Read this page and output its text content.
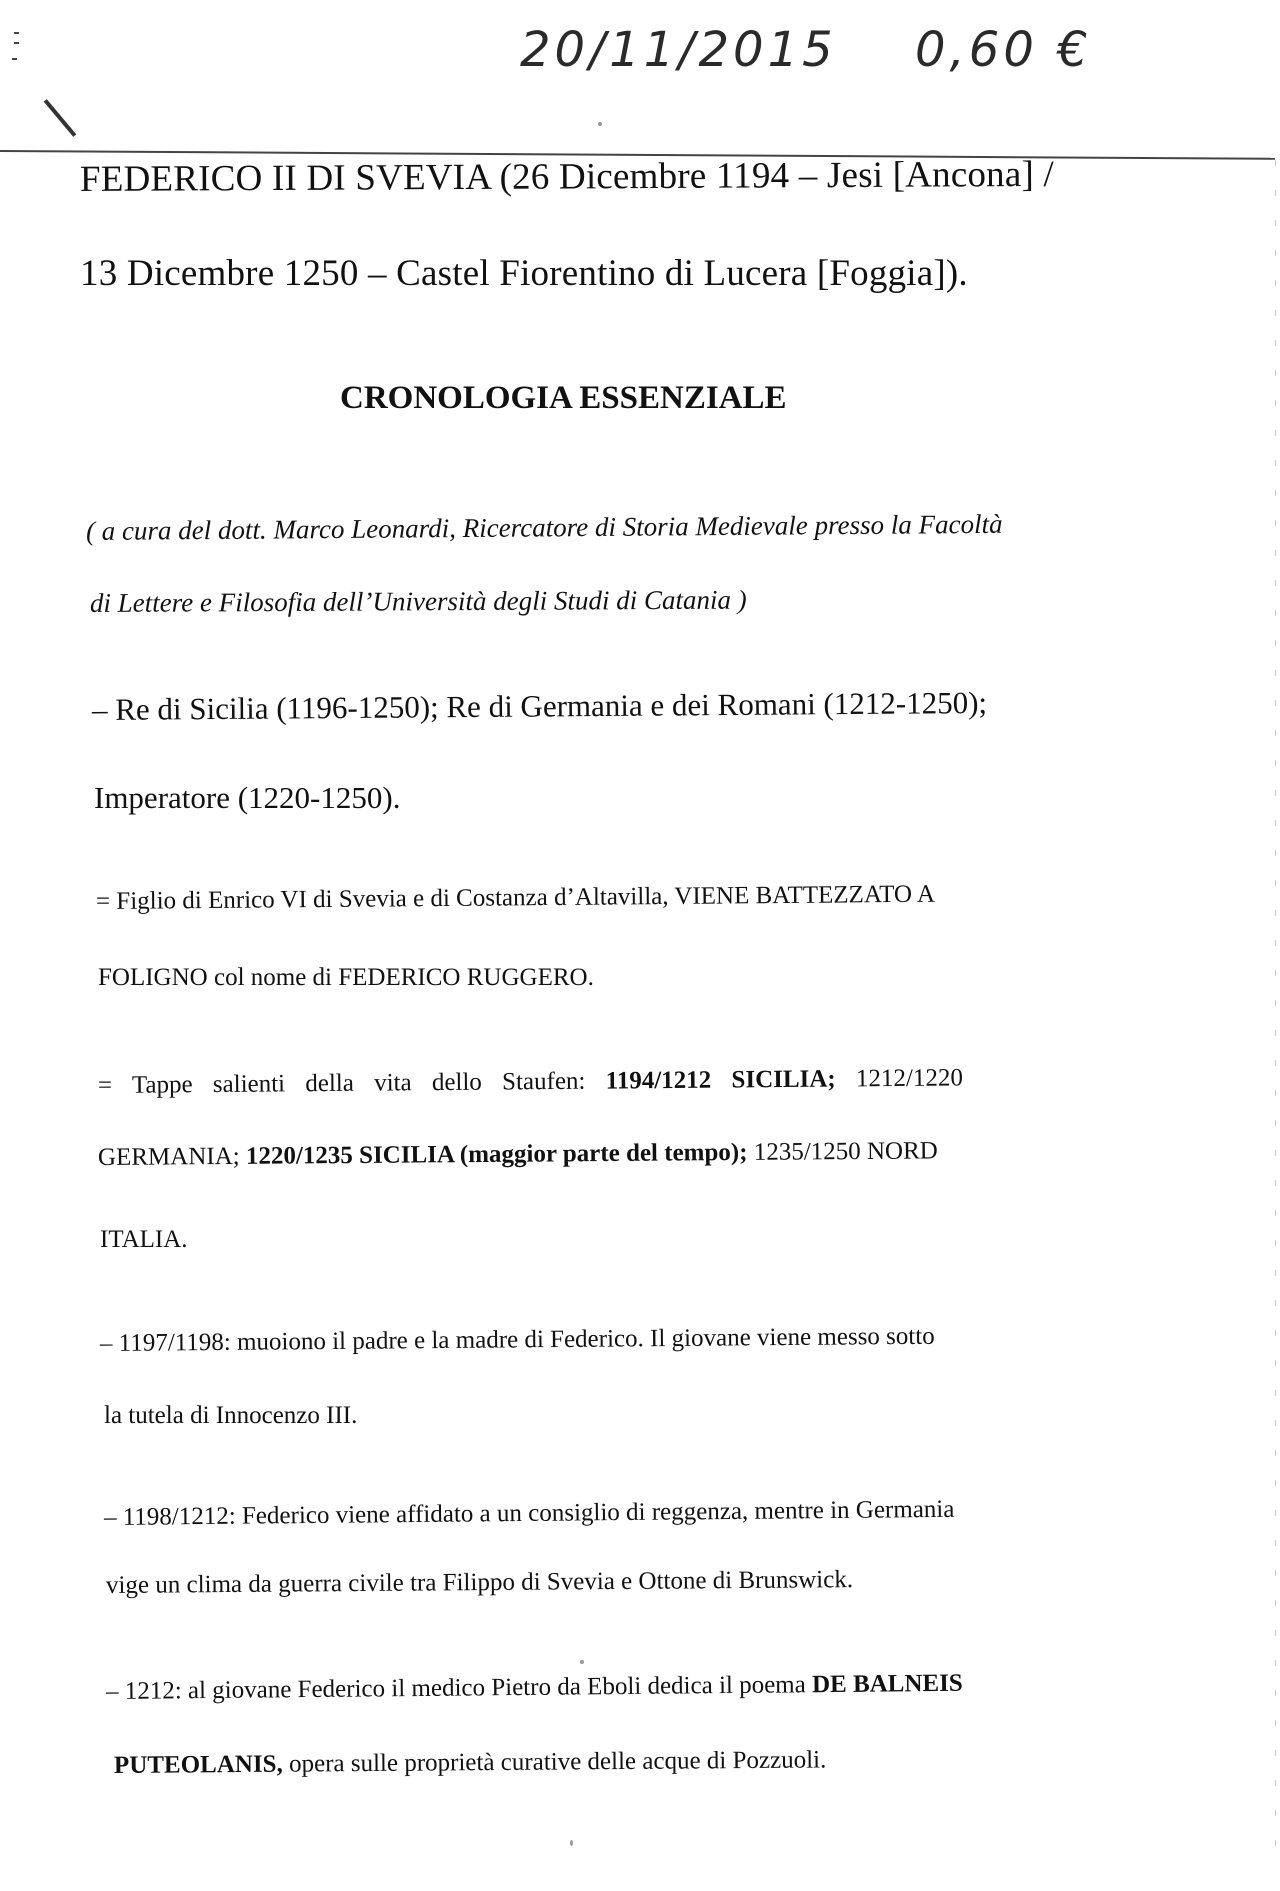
20/11/2015 0,60 €
FEDERICO II DI SVEVIA (26 Dicembre 1194 – Jesi [Ancona] /
13 Dicembre 1250 – Castel Fiorentino di Lucera [Foggia]).
CRONOLOGIA ESSENZIALE
( a cura del dott. Marco Leonardi, Ricercatore di Storia Medievale presso la Facoltà
di Lettere e Filosofia dell’Università degli Studi di Catania )
– Re di Sicilia (1196-1250); Re di Germania e dei Romani (1212-1250);
Imperatore (1220-1250).
= Figlio di Enrico VI di Svevia e di Costanza d’Altavilla, VIENE BATTEZZATO A
FOLIGNO col nome di FEDERICO RUGGERO.
= Tappe salienti della vita dello Staufen: 1194/1212 SICILIA; 1212/1220
GERMANIA; 1220/1235 SICILIA (maggior parte del tempo); 1235/1250 NORD
ITALIA.
– 1197/1198: muoiono il padre e la madre di Federico. Il giovane viene messo sotto
la tutela di Innocenzo III.
– 1198/1212: Federico viene affidato a un consiglio di reggenza, mentre in Germania
vige un clima da guerra civile tra Filippo di Svevia e Ottone di Brunswick.
– 1212: al giovane Federico il medico Pietro da Eboli dedica il poema DE BALNEIS
PUTEOLANIS, opera sulle proprietà curative delle acque di Pozzuoli.
